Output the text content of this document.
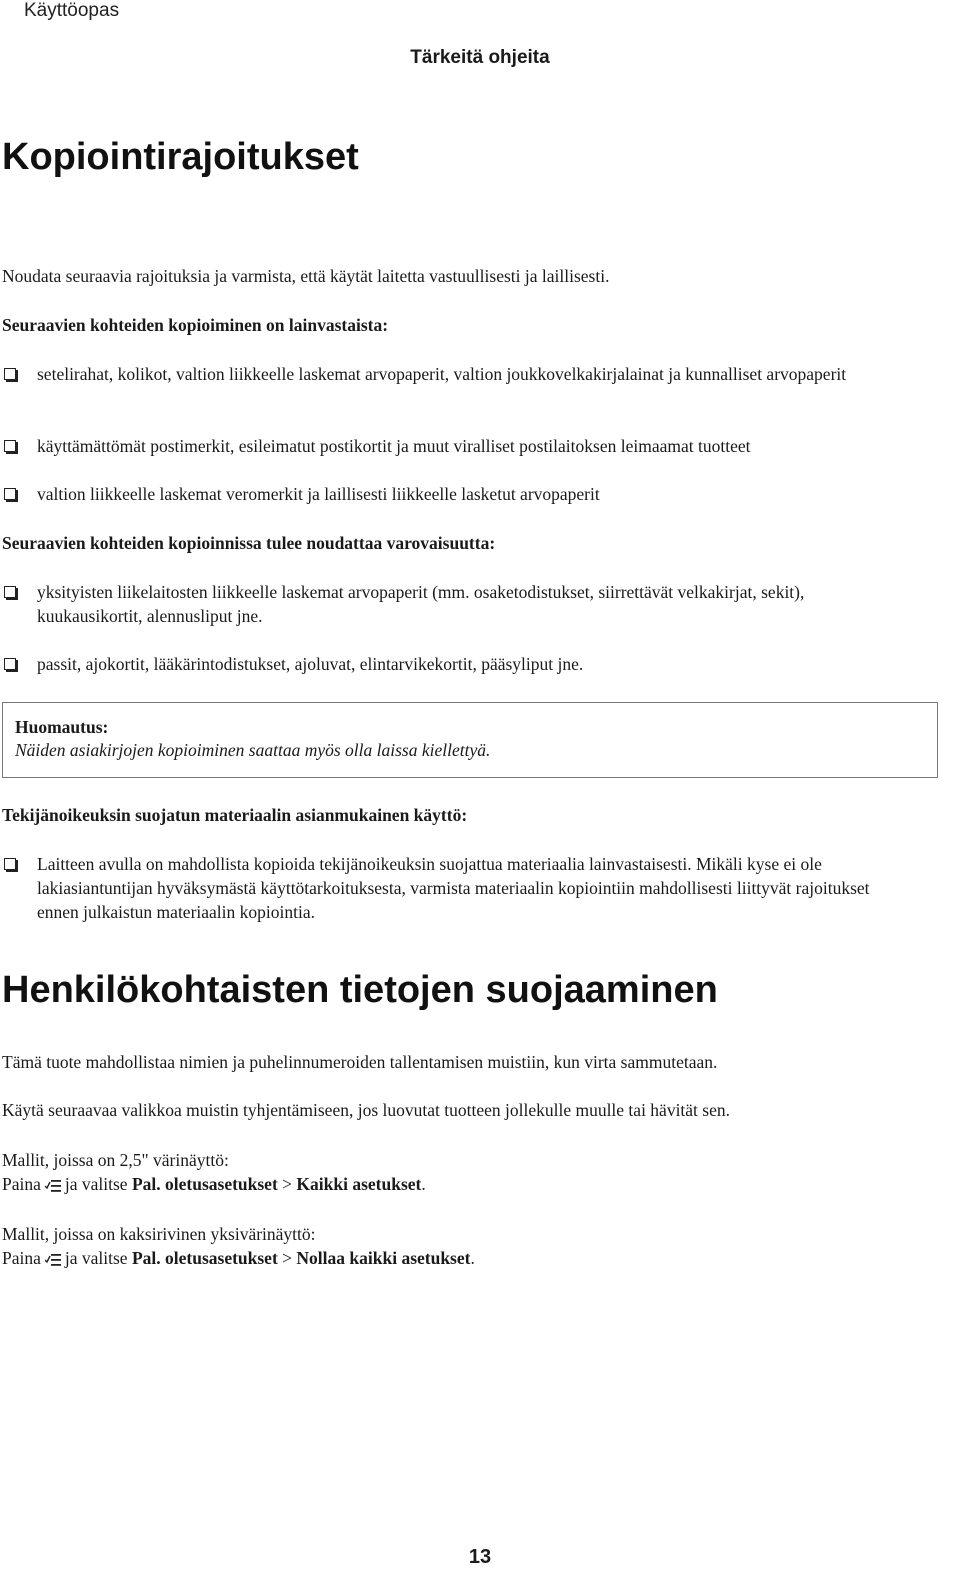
Käyttöopas
Tärkeitä ohjeita
Kopiointirajoitukset
Noudata seuraavia rajoituksia ja varmista, että käytät laitetta vastuullisesti ja laillisesti.
Seuraavien kohteiden kopioiminen on lainvastaista:
setelirahat, kolikot, valtion liikkeelle laskemat arvopaperit, valtion joukkovelkakirjalainat ja kunnalliset arvopaperit
käyttämättömät postimerkit, esileimatut postikortit ja muut viralliset postilaitoksen leimaamat tuotteet
valtion liikkeelle laskemat veromerkit ja laillisesti liikkeelle lasketut arvopaperit
Seuraavien kohteiden kopioinnissa tulee noudattaa varovaisuutta:
yksityisten liikelaitosten liikkeelle laskemat arvopaperit (mm. osaketodistukset, siirrettävät velkakirjat, sekit), kuukausikortit, alennusliput jne.
passit, ajokortit, lääkärintodistukset, ajoluvat, elintarvikekortit, pääsyliput jne.
Huomautus:
Näiden asiakirjojen kopioiminen saattaa myös olla laissa kiellettyä.
Tekijänoikeuksin suojatun materiaalin asianmukainen käyttö:
Laitteen avulla on mahdollista kopioida tekijänoikeuksin suojattua materiaalia lainvastaisesti. Mikäli kyse ei ole lakiasiantuntijan hyväksymästä käyttötarkoituksesta, varmista materiaalin kopiointiin mahdollisesti liittyvät rajoitukset ennen julkaistun materiaalin kopiointia.
Henkilökohtaisten tietojen suojaaminen
Tämä tuote mahdollistaa nimien ja puhelinnumeroiden tallentamisen muistiin, kun virta sammutetaan.
Käytä seuraavaa valikkoa muistin tyhjentämiseen, jos luovutat tuotteen jollekulle muulle tai hävität sen.
Mallit, joissa on 2,5" värinäyttö:
Paina ja valitse Pal. oletusasetukset > Kaikki asetukset.
Mallit, joissa on kaksirivinen yksivärinäyttö:
Paina ja valitse Pal. oletusasetukset > Nollaa kaikki asetukset.
13
